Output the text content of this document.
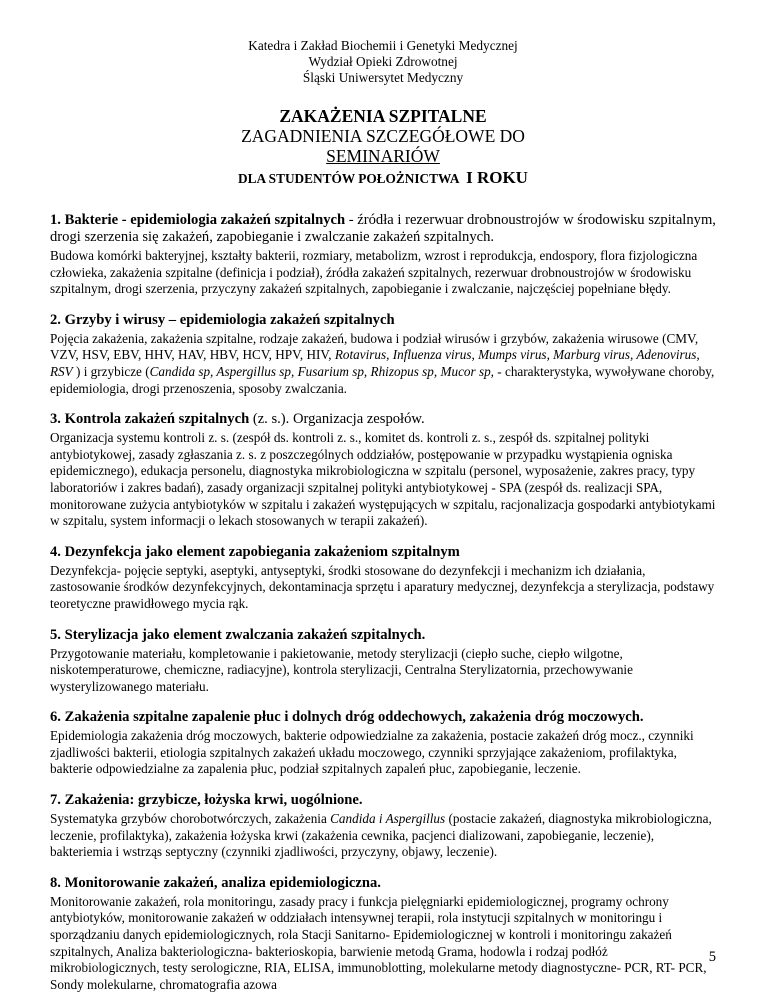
Katedra i Zakład Biochemii i Genetyki Medycznej
Wydział Opieki Zdrowotnej
Śląski Uniwersytet Medyczny
ZAKAŻENIA SZPITALNE
ZAGADNIENIA SZCZEGÓŁOWE DO
SEMINARIÓW
DLA STUDENTÓW POŁOŻNICTWA I ROKU
1. Bakterie - epidemiologia zakażeń szpitalnych - źródła i rezerwuar drobnoustrojów w środowisku szpitalnym, drogi szerzenia się zakażeń, zapobieganie i zwalczanie zakażeń szpitalnych.
Budowa komórki bakteryjnej, kształty bakterii, rozmiary, metabolizm, wzrost i reprodukcja, endospory, flora fizjologiczna człowieka, zakażenia szpitalne (definicja i podział), źródła zakażeń szpitalnych, rezerwuar drobnoustrojów w środowisku szpitalnym, drogi szerzenia, przyczyny zakażeń szpitalnych, zapobieganie i zwalczanie, najczęściej popełniane błędy.
2. Grzyby i wirusy – epidemiologia zakażeń szpitalnych
Pojęcia zakażenia, zakażenia szpitalne, rodzaje zakażeń, budowa i podział wirusów i grzybów, zakażenia wirusowe (CMV, VZV, HSV, EBV, HHV, HAV, HBV, HCV, HPV, HIV, Rotavirus, Influenza virus, Mumps virus, Marburg virus, Adenovirus, RSV ) i grzybicze (Candida sp, Aspergillus sp, Fusarium sp, Rhizopus sp, Mucor sp, - charakterystyka, wywoływane choroby, epidemiologia, drogi przenoszenia, sposoby zwalczania.
3. Kontrola zakażeń szpitalnych (z. s.). Organizacja zespołów.
Organizacja systemu kontroli z. s. (zespół ds. kontroli z. s., komitet ds. kontroli z. s., zespół ds. szpitalnej polityki antybiotykowej, zasady zgłaszania z. s. z poszczególnych oddziałów, postępowanie w przypadku wystąpienia ogniska epidemicznego), edukacja personelu, diagnostyka mikrobiologiczna w szpitalu (personel, wyposażenie, zakres pracy, typy laboratoriów i zakres badań), zasady organizacji szpitalnej polityki antybiotykowej - SPA (zespół ds. realizacji SPA, monitorowane zużycia antybiotyków w szpitalu i zakażeń występujących w szpitalu, racjonalizacja gospodarki antybiotykami w szpitalu, system informacji o lekach stosowanych w terapii zakażeń).
4. Dezynfekcja jako element zapobiegania zakażeniom szpitalnym
Dezynfekcja- pojęcie septyki, aseptyki, antyseptyki, środki stosowane do dezynfekcji i mechanizm ich działania, zastosowanie środków dezynfekcyjnych, dekontaminacja sprzętu i aparatury medycznej, dezynfekcja a sterylizacja, podstawy teoretyczne prawidłowego mycia rąk.
5. Sterylizacja jako element zwalczania zakażeń szpitalnych.
Przygotowanie materiału, kompletowanie i pakietowanie, metody sterylizacji (ciepło suche, ciepło wilgotne, niskotemperaturowe, chemiczne, radiacyjne), kontrola sterylizacji, Centralna Sterylizatornia, przechowywanie wysterylizowanego materiału.
6. Zakażenia szpitalne zapalenie płuc i dolnych dróg oddechowych, zakażenia dróg moczowych.
Epidemiologia zakażenia dróg moczowych, bakterie odpowiedzialne za zakażenia, postacie zakażeń dróg mocz., czynniki zjadliwości bakterii, etiologia szpitalnych zakażeń układu moczowego, czynniki sprzyjające zakażeniom, profilaktyka, bakterie odpowiedzialne za zapalenia płuc, podział szpitalnych zapaleń płuc, zapobieganie, leczenie.
7. Zakażenia: grzybicze, łożyska krwi, uogólnione.
Systematyka grzybów chorobotwórczych, zakażenia Candida i Aspergillus (postacie zakażeń, diagnostyka mikrobiologiczna, leczenie, profilaktyka), zakażenia łożyska krwi (zakażenia cewnika, pacjenci dializowani, zapobieganie, leczenie), bakteriemia i wstrząs septyczny (czynniki zjadliwości, przyczyny, objawy, leczenie).
8. Monitorowanie zakażeń, analiza epidemiologiczna.
Monitorowanie zakażeń, rola monitoringu, zasady pracy i funkcja pielęgniarki epidemiologicznej, programy ochrony antybiotyków, monitorowanie zakażeń w oddziałach intensywnej terapii, rola instytucji szpitalnych w monitoringu i sporządzaniu danych epidemiologicznych, rola Stacji Sanitarno- Epidemiologicznej w kontroli i monitoringu zakażeń szpitalnych, Analiza bakteriologiczna- bakterioskopia, barwienie metodą Grama, hodowla i rodzaj podłóż mikrobiologicznych, testy serologiczne, RIA, ELISA, immunoblotting, molekularne metody diagnostyczne- PCR, RT- PCR, Sondy molekularne, chromatografia azowa
5
